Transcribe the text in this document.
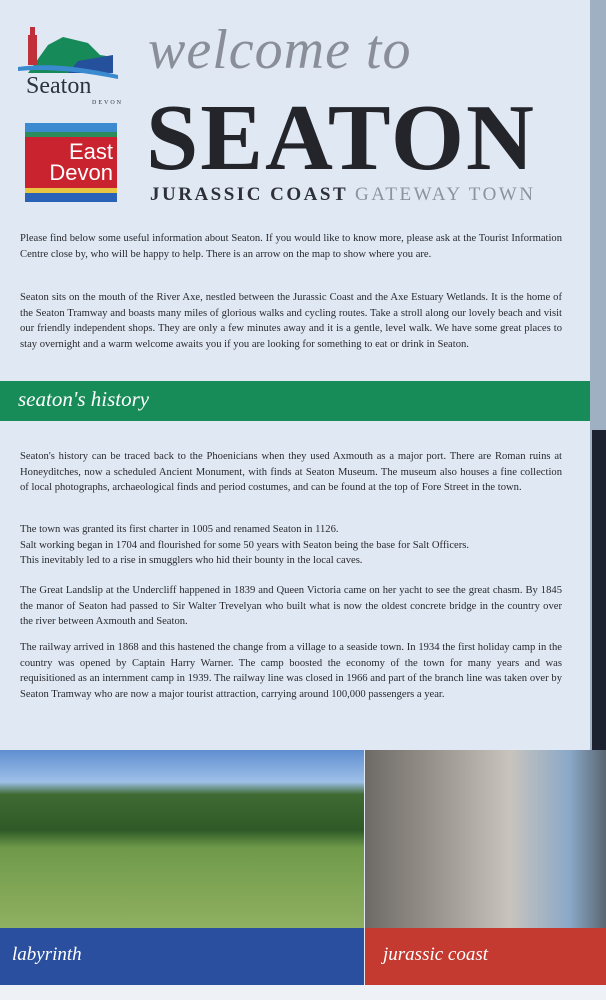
Seaton
DEVON
East
Devon
welcome to
SEATON
JURASSIC COAST GATEWAY TOWN

Please find below some useful information about Seaton. If you would like to know more, please ask at the Tourist Information Centre close by, who will be happy to help. There is an arrow on the map to show where you are.

Seaton sits on the mouth of the River Axe, nestled between the Jurassic Coast and the Axe Estuary Wetlands. It is the home of the Seaton Tramway and boasts many miles of glorious walks and cycling routes. Take a stroll along our lovely beach and visit our friendly independent shops. They are only a few minutes away and it is a gentle, level walk. We have some great places to stay overnight and a warm welcome awaits you if you are looking for something to eat or drink in Seaton.

seaton's history

Seaton's history can be traced back to the Phoenicians when they used Axmouth as a major port. There are Roman ruins at Honeyditches, now a scheduled Ancient Monument, with finds at Seaton Museum. The museum also houses a fine collection of local photographs, archaeological finds and period costumes, and can be found at the top of Fore Street in the town.

The town was granted its first charter in 1005 and renamed Seaton in 1126.

Salt working began in 1704 and flourished for some 50 years with Seaton being the base for Salt Officers.

This inevitably led to a rise in smugglers who hid their bounty in the local caves.

The Great Landslip at the Undercliff happened in 1839 and Queen Victoria came on her yacht to see the great chasm. By 1845 the manor of Seaton had passed to Sir Walter Trevelyan who built what is now the oldest concrete bridge in the country over the river between Axmouth and Seaton.

The railway arrived in 1868 and this hastened the change from a village to a seaside town. In 1934 the first holiday camp in the country was opened by Captain Harry Warner. The camp boosted the economy of the town for many years and was requisitioned as an internment camp in 1939. The railway line was closed in 1966 and part of the branch line was taken over by Seaton Tramway who are now a major tourist attraction, carrying around 100,000 passengers a year.

labyrinth	jurassic coast
